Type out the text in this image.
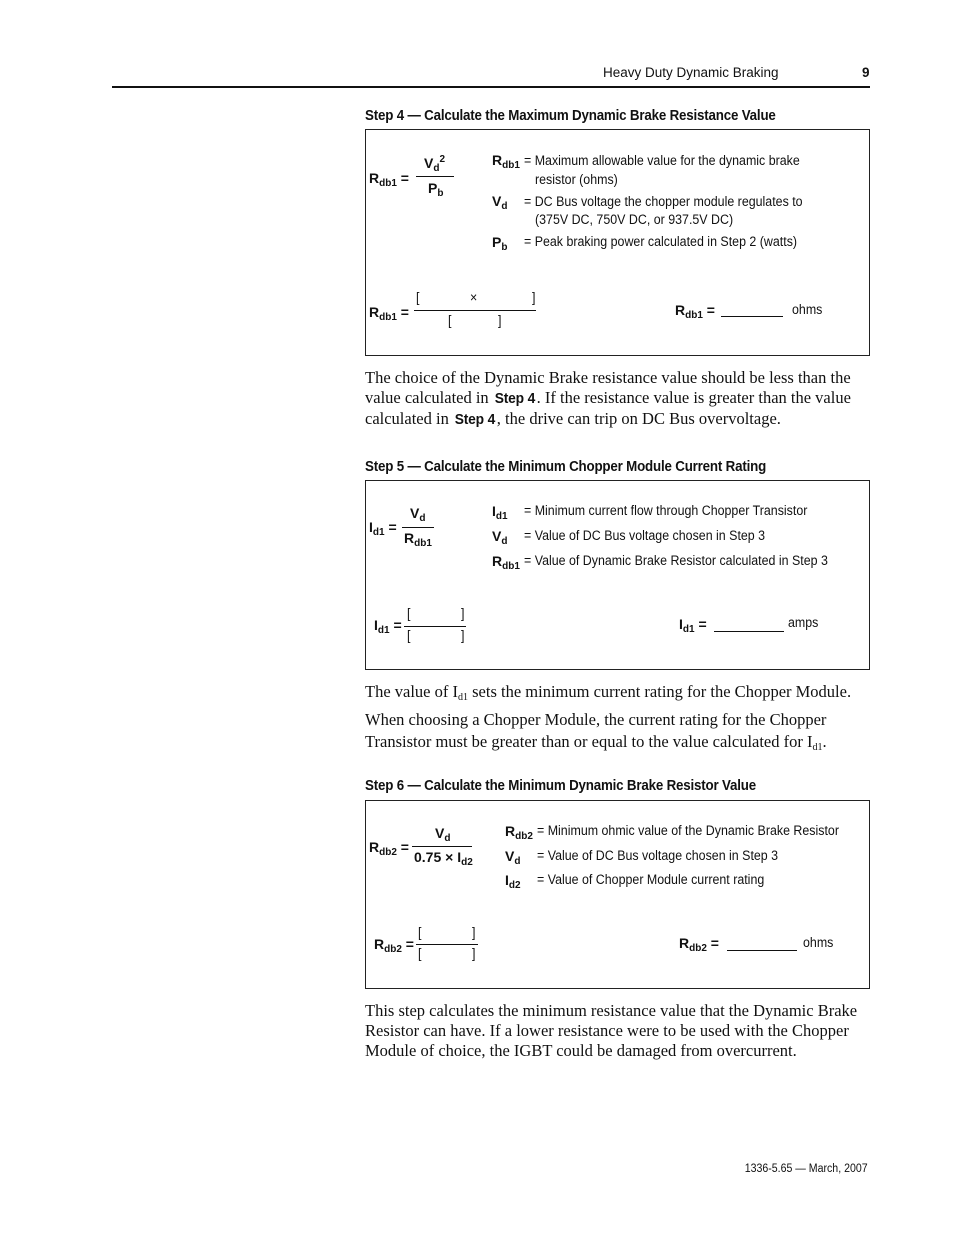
Heavy Duty Dynamic Braking	9
Step 4 — Calculate the Maximum Dynamic Brake Resistance Value
$R_{db1}$ =
$V_d^2$
$P_b$
$R_{db1}$ = Maximum allowable value for the dynamic brake
resistor (ohms)
$V_d$ = DC Bus voltage the chopper module regulates to
(375V DC, 750V DC, or 937.5V DC)
$P_b$ = Peak braking power calculated in Step 2 (watts)
$R_{db1}$ =
[	×	]
[	]
$R_{db1}$ =	ohms
The choice of the Dynamic Brake resistance value should be less than the value calculated in Step 4 . If the resistance value is greater than the value calculated in Step 4 , the drive can trip on DC Bus overvoltage.
Step 5 — Calculate the Minimum Chopper Module Current Rating
$I_{d1}$ =
$V_d$
$R_{db1}$
$I_{d1}$ = Minimum current flow through Chopper Transistor
$V_d$ = Value of DC Bus voltage chosen in Step 3
$R_{db1}$ = Value of Dynamic Brake Resistor calculated in Step 3
$I_{d1}$ =
[	]
[	]
$I_{d1}$ =	amps
The value of $I_{d1}$ sets the minimum current rating for the Chopper Module. When choosing a Chopper Module, the current rating for the Chopper Transistor must be greater than or equal to the value calculated for $I_{d1}$.
Step 6 — Calculate the Minimum Dynamic Brake Resistor Value
$R_{db2}$ =
$V_d$
$0.75 \times I_{d2}$
$R_{db2}$ = Minimum ohmic value of the Dynamic Brake Resistor
$V_d$ = Value of DC Bus voltage chosen in Step 3
$I_{d2}$ = Value of Chopper Module current rating
$R_{db2}$ =
[	]
[	]
$R_{db2}$ =	ohms
This step calculates the minimum resistance value that the Dynamic Brake Resistor can have. If a lower resistance were to be used with the Chopper Module of choice, the IGBT could be damaged from overcurrent.
1336-5.65 — March, 2007
